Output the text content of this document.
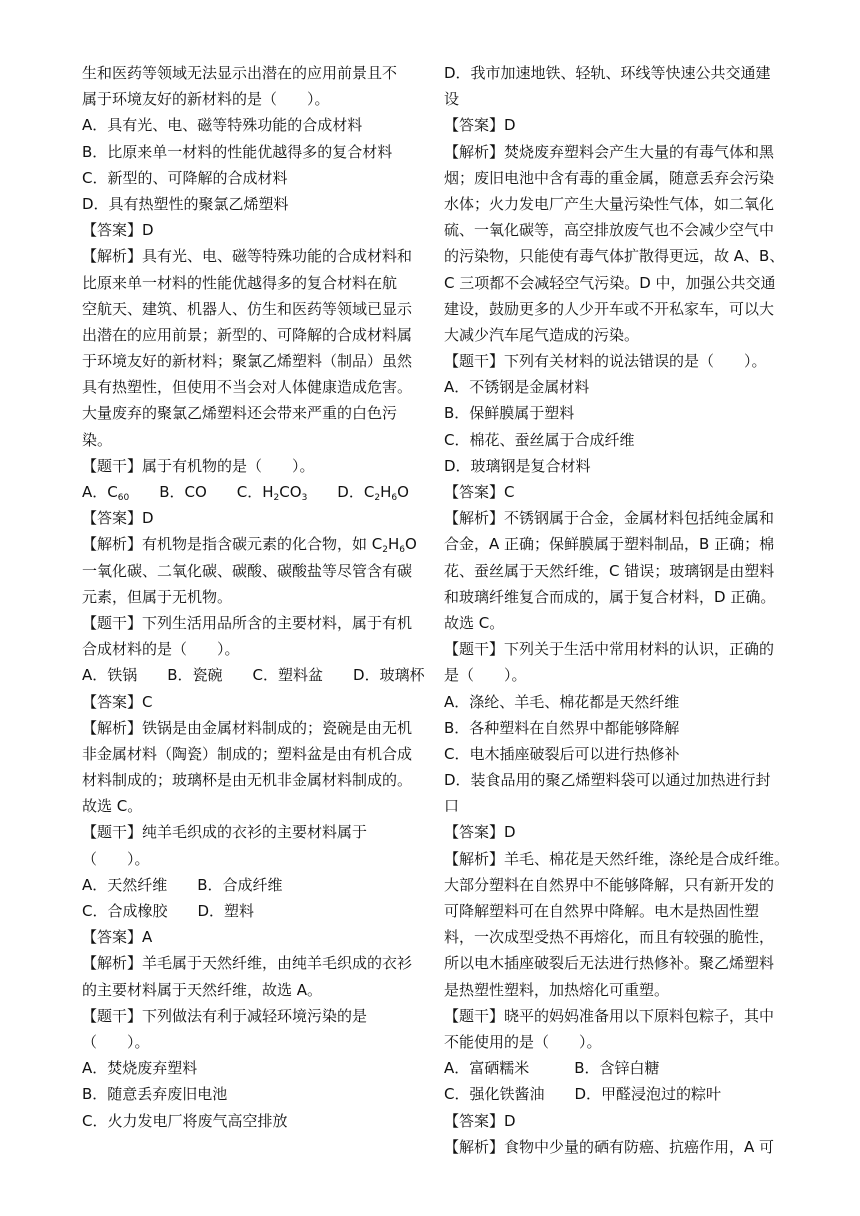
生和医药等领域无法显示出潜在的应用前景且不
属于环境友好的新材料的是（　　）。
A．具有光、电、磁等特殊功能的合成材料
B．比原来单一材料的性能优越得多的复合材料
C．新型的、可降解的合成材料
D．具有热塑性的聚氯乙烯塑料
【答案】D
【解析】具有光、电、磁等特殊功能的合成材料和
比原来单一材料的性能优越得多的复合材料在航
空航天、建筑、机器人、仿生和医药等领域已显示
出潜在的应用前景；新型的、可降解的合成材料属
于环境友好的新材料；聚氯乙烯塑料（制品）虽然
具有热塑性，但使用不当会对人体健康造成危害。
大量废弃的聚氯乙烯塑料还会带来严重的白色污
染。
【题干】属于有机物的是（　　）。
A．$C_{60}$ B．CO C．$H_2CO_3$ D．$C_2H_6O$
【答案】D
【解析】有机物是指含碳元素的化合物，如 $C_2H_6O$
一氧化碳、二氧化碳、碳酸、碳酸盐等尽管含有碳
元素，但属于无机物。
【题干】下列生活用品所含的主要材料，属于有机
合成材料的是（　　）。
A．铁锅　　B．瓷碗　　C．塑料盆　　D．玻璃杯
【答案】C
【解析】铁锅是由金属材料制成的；瓷碗是由无机
非金属材料（陶瓷）制成的；塑料盆是由有机合成
材料制成的；玻璃杯是由无机非金属材料制成的。
故选 C。
【题干】纯羊毛织成的衣衫的主要材料属于
（　　）。
A．天然纤维　　B．合成纤维
C．合成橡胶　　D．塑料
【答案】A
【解析】羊毛属于天然纤维，由纯羊毛织成的衣衫
的主要材料属于天然纤维，故选 A。
【题干】下列做法有利于减轻环境污染的是
（　　）。
A．焚烧废弃塑料
B．随意丢弃废旧电池
C．火力发电厂将废气高空排放
D．我市加速地铁、轻轨、环线等快速公共交通建
设
【答案】D
【解析】焚烧废弃塑料会产生大量的有毒气体和黑
烟；废旧电池中含有毒的重金属，随意丢弃会污染
水体；火力发电厂产生大量污染性气体，如二氧化
硫、一氧化碳等，高空排放废气也不会减少空气中
的污染物，只能使有毒气体扩散得更远，故 A、B、
C 三项都不会减轻空气污染。D 中，加强公共交通
建设，鼓励更多的人少开车或不开私家车，可以大
大减少汽车尾气造成的污染。
【题干】下列有关材料的说法错误的是（　　）。
A．不锈钢是金属材料
B．保鲜膜属于塑料
C．棉花、蚕丝属于合成纤维
D．玻璃钢是复合材料
【答案】C
【解析】不锈钢属于合金，金属材料包括纯金属和
合金，A 正确；保鲜膜属于塑料制品，B 正确；棉
花、蚕丝属于天然纤维，C 错误；玻璃钢是由塑料
和玻璃纤维复合而成的，属于复合材料，D 正确。
故选 C。
【题干】下列关于生活中常用材料的认识，正确的
是（　　）。
A．涤纶、羊毛、棉花都是天然纤维
B．各种塑料在自然界中都能够降解
C．电木插座破裂后可以进行热修补
D．装食品用的聚乙烯塑料袋可以通过加热进行封
口
【答案】D
【解析】羊毛、棉花是天然纤维，涤纶是合成纤维。
大部分塑料在自然界中不能够降解，只有新开发的
可降解塑料可在自然界中降解。电木是热固性塑
料，一次成型受热不再熔化，而且有较强的脆性，
所以电木插座破裂后无法进行热修补。聚乙烯塑料
是热塑性塑料，加热熔化可重塑。
【题干】晓平的妈妈准备用以下原料包粽子，其中
不能使用的是（　　）。
A．富硒糯米　　　B．含锌白糖
C．强化铁酱油　　D．甲醛浸泡过的粽叶
【答案】D
【解析】食物中少量的硒有防癌、抗癌作用，A 可
